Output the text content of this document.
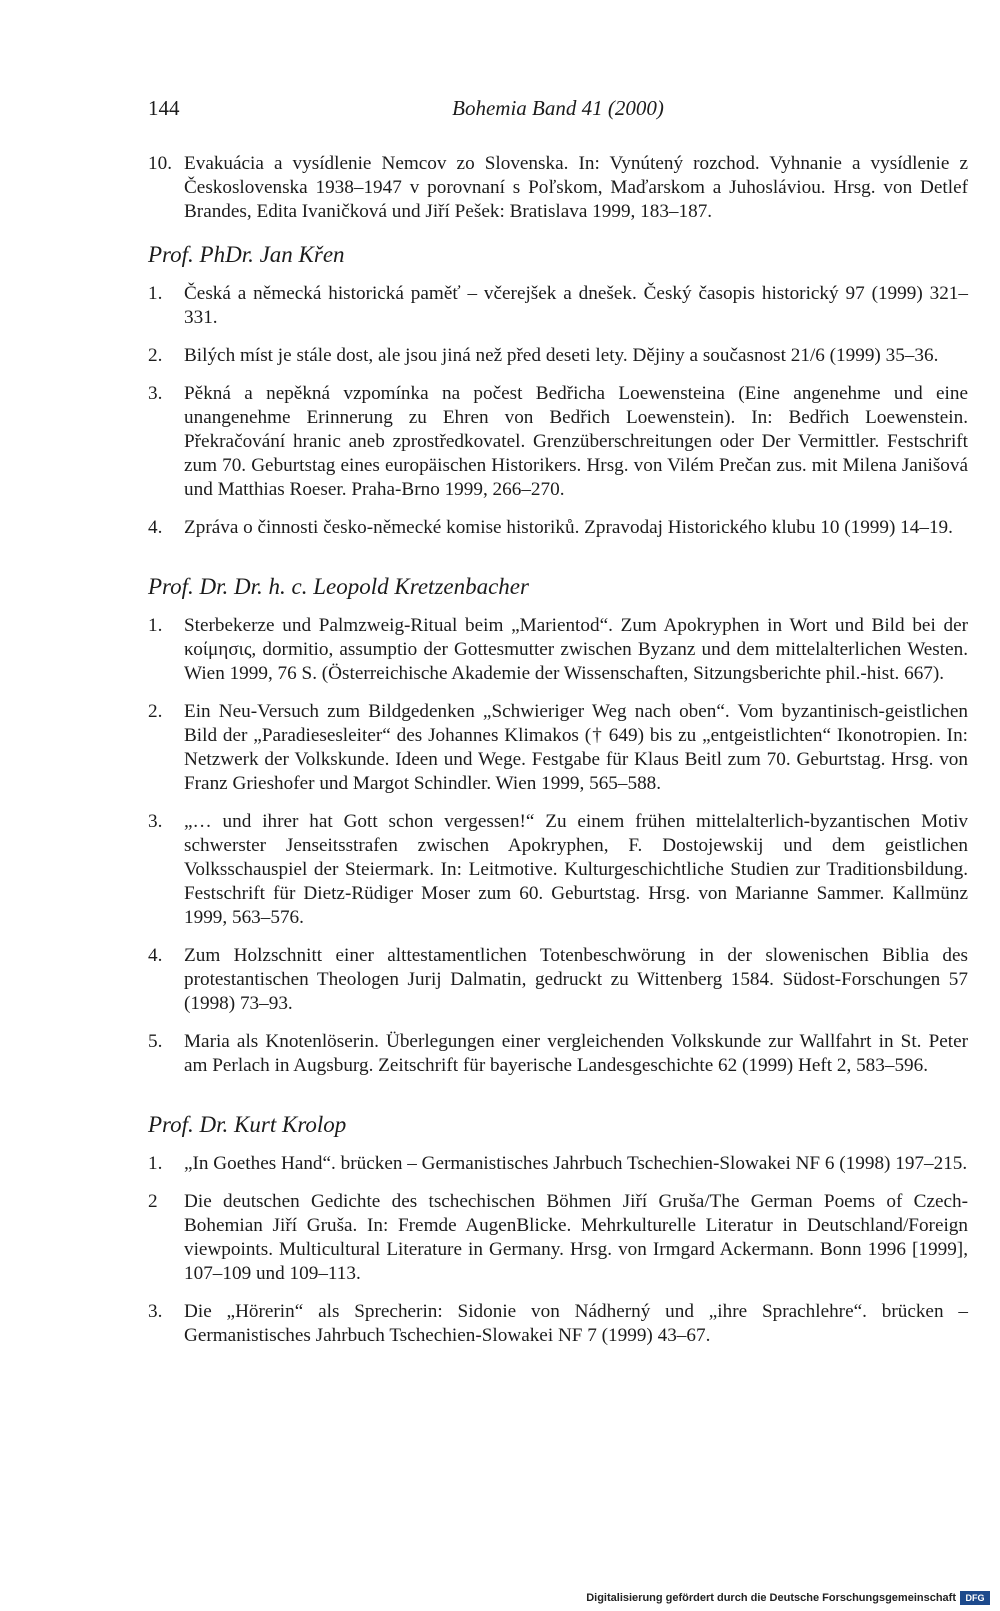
144	Bohemia Band 41 (2000)
10. Evakuácia a vysídlenie Nemcov zo Slovenska. In: Vynútený rozchod. Vyhnanie a vysídlenie z Československa 1938–1947 v porovnaní s Poľskom, Maďarskom a Juhosláviou. Hrsg. von Detlef Brandes, Edita Ivaničková und Jiří Pešek: Bratislava 1999, 183–187.
Prof. PhDr. Jan Křen
1.	Česká a německá historická paměť – včerejšek a dnešek. Český časopis historický 97 (1999) 321–331.
2.	Bilých míst je stále dost, ale jsou jiná než před deseti lety. Dějiny a současnost 21/6 (1999) 35–36.
3.	Pěkná a nepěkná vzpomínka na počest Bedřicha Loewensteina (Eine angenehme und eine unangenehme Erinnerung zu Ehren von Bedřich Loewenstein). In: Bedřich Loewenstein. Překračování hranic aneb zprostředkovatel. Grenzüberschreitungen oder Der Vermittler. Festschrift zum 70. Geburtstag eines europäischen Historikers. Hrsg. von Vilém Prečan zus. mit Milena Janišová und Matthias Roeser. Praha-Brno 1999, 266–270.
4.	Zpráva o činnosti česko-německé komise historiků. Zpravodaj Historického klubu 10 (1999) 14–19.
Prof. Dr. Dr. h. c. Leopold Kretzenbacher
1.	Sterbekerze und Palmzweig-Ritual beim „Marientod“. Zum Apokryphen in Wort und Bild bei der κοίμησις, dormitio, assumptio der Gottesmutter zwischen Byzanz und dem mittelalterlichen Westen. Wien 1999, 76 S. (Österreichische Akademie der Wissenschaften, Sitzungsberichte phil.-hist. 667).
2.	Ein Neu-Versuch zum Bildgedenken „Schwieriger Weg nach oben“. Vom byzantinisch-geistlichen Bild der „Paradiesesleiter“ des Johannes Klimakos († 649) bis zu „entgeistlichten“ Ikonotropien. In: Netzwerk der Volkskunde. Ideen und Wege. Festgabe für Klaus Beitl zum 70. Geburtstag. Hrsg. von Franz Grieshofer und Margot Schindler. Wien 1999, 565–588.
3.	„… und ihrer hat Gott schon vergessen!“ Zu einem frühen mittelalterlich-byzantischen Motiv schwerster Jenseitsstrafen zwischen Apokryphen, F. Dostojewskij und dem geistlichen Volksschauspiel der Steiermark. In: Leitmotive. Kulturgeschichtliche Studien zur Traditionsbildung. Festschrift für Dietz-Rüdiger Moser zum 60. Geburtstag. Hrsg. von Marianne Sammer. Kallmünz 1999, 563–576.
4.	Zum Holzschnitt einer alttestamentlichen Totenbeschwörung in der slowenischen Biblia des protestantischen Theologen Jurij Dalmatin, gedruckt zu Wittenberg 1584. Südost-Forschungen 57 (1998) 73–93.
5.	Maria als Knotenlöserin. Überlegungen einer vergleichenden Volkskunde zur Wallfahrt in St. Peter am Perlach in Augsburg. Zeitschrift für bayerische Landesgeschichte 62 (1999) Heft 2, 583–596.
Prof. Dr. Kurt Krolop
1.	„In Goethes Hand“. brücken – Germanistisches Jahrbuch Tschechien-Slowakei NF 6 (1998) 197–215.
2	Die deutschen Gedichte des tschechischen Böhmen Jiří Gruša/The German Poems of Czech-Bohemian Jiří Gruša. In: Fremde AugenBlicke. Mehrkulturelle Literatur in Deutschland/Foreign viewpoints. Multicultural Literature in Germany. Hrsg. von Irmgard Ackermann. Bonn 1996 [1999], 107–109 und 109–113.
3.	Die „Hörerin“ als Sprecherin: Sidonie von Nádherný und „ihre Sprachlehre“. brücken – Germanistisches Jahrbuch Tschechien-Slowakei NF 7 (1999) 43–67.
Digitalisierung gefördert durch die Deutsche Forschungsgemeinschaft	DFG
